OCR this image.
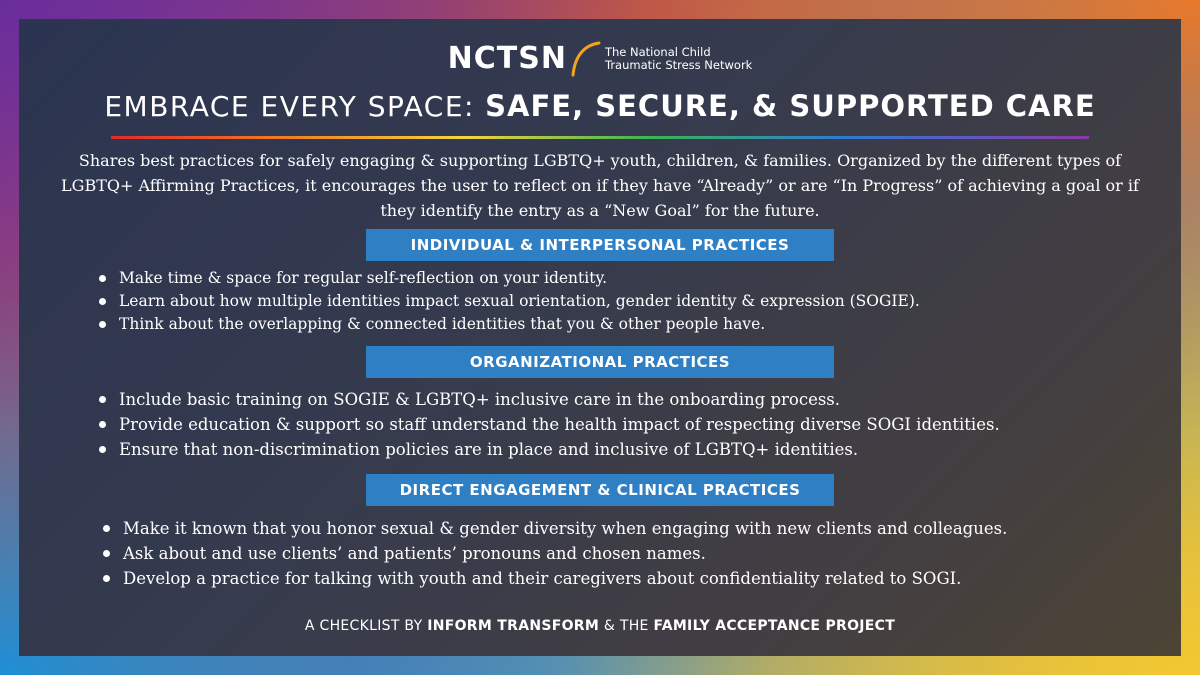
NCTSN	The National Child
Traumatic Stress Network
EMBRACE EVERY SPACE: SAFE, SECURE, & SUPPORTED CARE
Shares best practices for safely engaging & supporting LGBTQ+ youth, children, & families. Organized by the different types of LGBTQ+ Affirming Practices, it encourages the user to reflect on if they have “Already” or are “In Progress” of achieving a goal or if they identify the entry as a “New Goal” for the future.
INDIVIDUAL & INTERPERSONAL PRACTICES
Make time & space for regular self-reflection on your identity.
Learn about how multiple identities impact sexual orientation, gender identity & expression (SOGIE).
Think about the overlapping & connected identities that you & other people have.
ORGANIZATIONAL PRACTICES
Include basic training on SOGIE & LGBTQ+ inclusive care in the onboarding process.
Provide education & support so staff understand the health impact of respecting diverse SOGI identities.
Ensure that non-discrimination policies are in place and inclusive of LGBTQ+ identities.
DIRECT ENGAGEMENT & CLINICAL PRACTICES
Make it known that you honor sexual & gender diversity when engaging with new clients and colleagues.
Ask about and use clients’ and patients’ pronouns and chosen names.
Develop a practice for talking with youth and their caregivers about confidentiality related to SOGI.
A CHECKLIST BY INFORM TRANSFORM & THE FAMILY ACCEPTANCE PROJECT
